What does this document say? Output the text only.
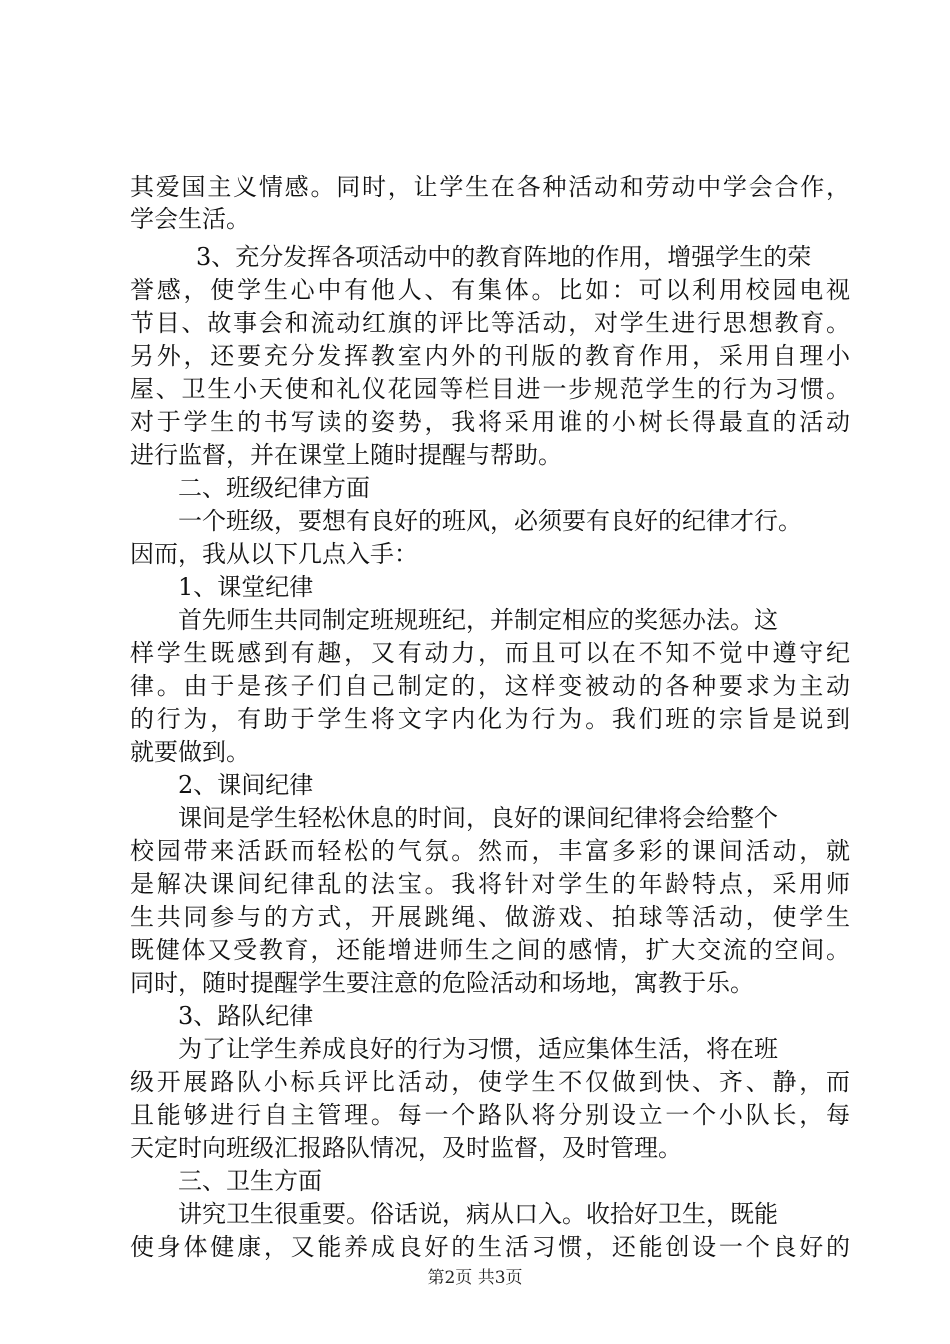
其爱国主义情感。同时，让学生在各种活动和劳动中学会合作，
学会生活。
3、充分发挥各项活动中的教育阵地的作用，增强学生的荣
誉感，使学生心中有他人、有集体。比如：可以利用校园电视
节目、故事会和流动红旗的评比等活动，对学生进行思想教育。
另外，还要充分发挥教室内外的刊版的教育作用，采用自理小
屋、卫生小天使和礼仪花园等栏目进一步规范学生的行为习惯。
对于学生的书写读的姿势，我将采用谁的小树长得最直的活动
进行监督，并在课堂上随时提醒与帮助。
二、班级纪律方面
一个班级，要想有良好的班风，必须要有良好的纪律才行。
因而，我从以下几点入手：
1、课堂纪律
首先师生共同制定班规班纪，并制定相应的奖惩办法。这
样学生既感到有趣，又有动力，而且可以在不知不觉中遵守纪
律。由于是孩子们自己制定的，这样变被动的各种要求为主动
的行为，有助于学生将文字内化为行为。我们班的宗旨是说到
就要做到。
2、课间纪律
课间是学生轻松休息的时间，良好的课间纪律将会给整个
校园带来活跃而轻松的气氛。然而，丰富多彩的课间活动，就
是解决课间纪律乱的法宝。我将针对学生的年龄特点，采用师
生共同参与的方式，开展跳绳、做游戏、拍球等活动，使学生
既健体又受教育，还能增进师生之间的感情，扩大交流的空间。
同时，随时提醒学生要注意的危险活动和场地，寓教于乐。
3、路队纪律
为了让学生养成良好的行为习惯，适应集体生活，将在班
级开展路队小标兵评比活动，使学生不仅做到快、齐、静，而
且能够进行自主管理。每一个路队将分别设立一个小队长，每
天定时向班级汇报路队情况，及时监督，及时管理。
三、卫生方面
讲究卫生很重要。俗话说，病从口入。收拾好卫生，既能
使身体健康，又能养成良好的生活习惯，还能创设一个良好的
第2页 共3页
